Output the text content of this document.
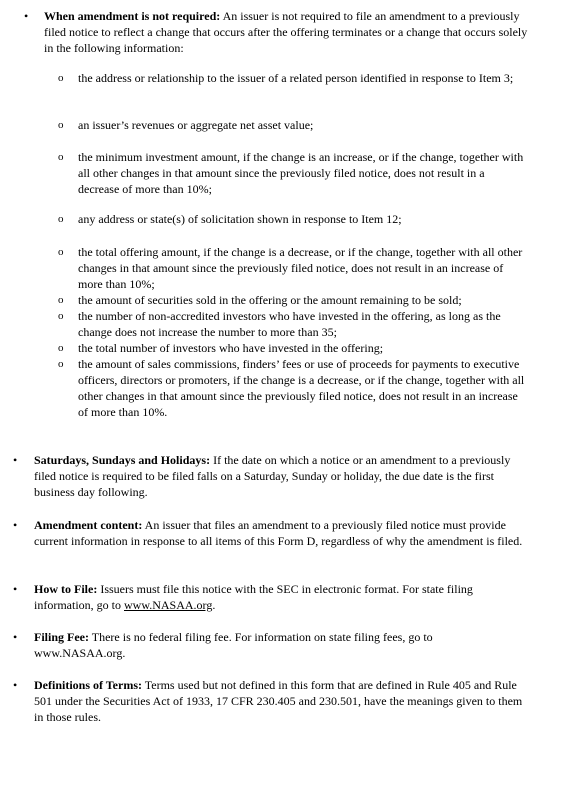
• When amendment is not required: An issuer is not required to file an amendment to a previously filed notice to reflect a change that occurs after the offering terminates or a change that occurs solely in the following information:

o the address or relationship to the issuer of a related person identified in response to Item 3;

o an issuer’s revenues or aggregate net asset value;

o the minimum investment amount, if the change is an increase, or if the change, together with all other changes in that amount since the previously filed notice, does not result in a decrease of more than 10%;

o any address or state(s) of solicitation shown in response to Item 12;

o the total offering amount, if the change is a decrease, or if the change, together with all other changes in that amount since the previously filed notice, does not result in an increase of more than 10%;

o the amount of securities sold in the offering or the amount remaining to be sold;

o the number of non-accredited investors who have invested in the offering, as long as the change does not increase the number to more than 35;

o the total number of investors who have invested in the offering;

o the amount of sales commissions, finders’ fees or use of proceeds for payments to executive officers, directors or promoters, if the change is a decrease, or if the change, together with all other changes in that amount since the previously filed notice, does not result in an increase of more than 10%.

• Saturdays, Sundays and Holidays: If the date on which a notice or an amendment to a previously filed notice is required to be filed falls on a Saturday, Sunday or holiday, the due date is the first business day following.

• Amendment content: An issuer that files an amendment to a previously filed notice must provide current information in response to all items of this Form D, regardless of why the amendment is filed.

• How to File: Issuers must file this notice with the SEC in electronic format. For state filing information, go to www.NASAA.org.

• Filing Fee: There is no federal filing fee. For information on state filing fees, go to www.NASAA.org.

• Definitions of Terms: Terms used but not defined in this form that are defined in Rule 405 and Rule 501 under the Securities Act of 1933, 17 CFR 230.405 and 230.501, have the meanings given to them in those rules.
